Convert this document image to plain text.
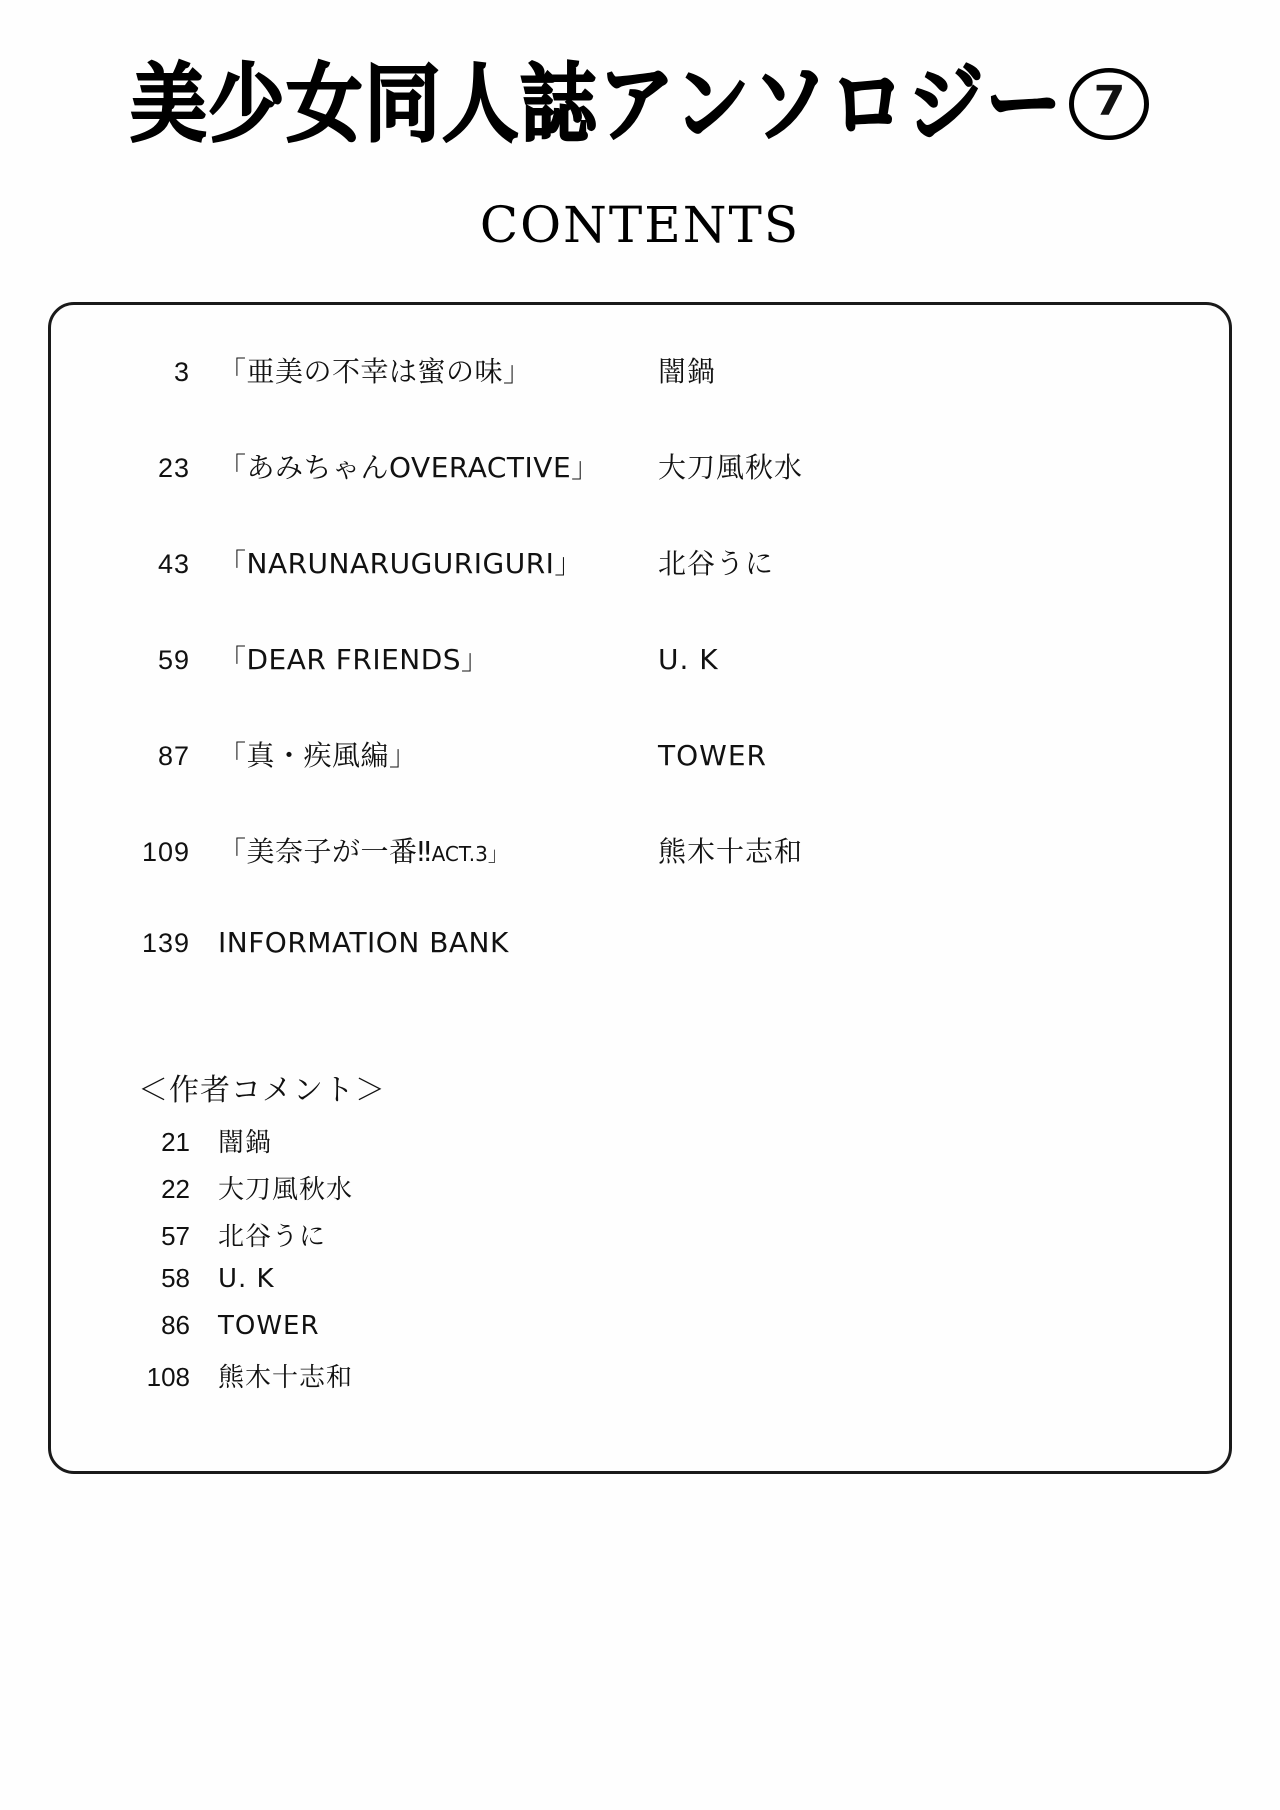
美少女同人誌アンソロジー 7
CONTENTS
3 「亜美の不幸は蜜の味」	闇鍋
23 「あみちゃんOVERACTIVE」	大刀風秋水
43 「NARUNARUGURIGURI」	北谷うに
59 「DEAR FRIENDS」	U. K
87 「真・疾風編」	TOWER
109 「美奈子が一番‼ACT.3」	熊木十志和
139 INFORMATION BANK
＜作者コメント＞
21 闇鍋
22 大刀風秋水
57 北谷うに
58 U. K
86 TOWER
108 熊木十志和
